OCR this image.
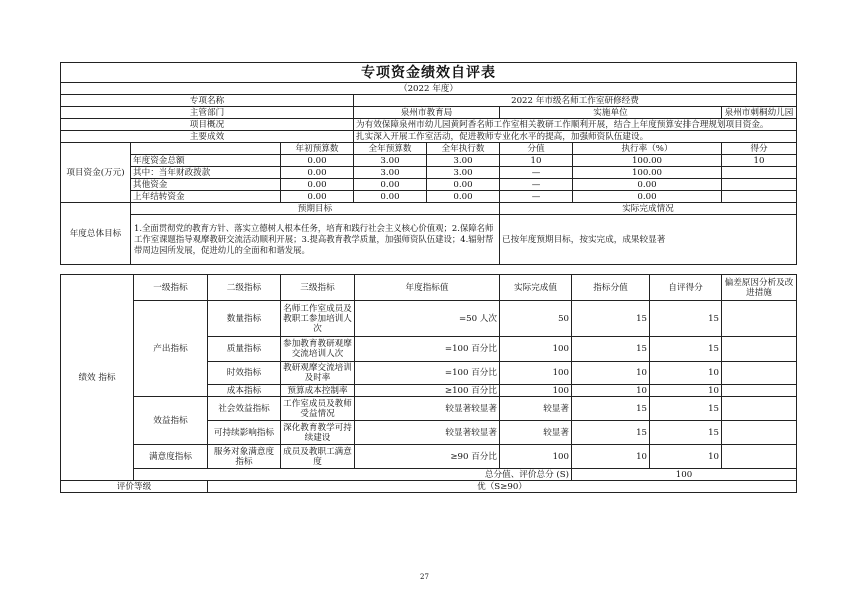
专项资金绩效自评表							
（2022 年度）							
专项名称			2022 年市级名师工作室研修经费				
主管部门			泉州市教育局		实施单位		泉州市刺桐幼儿园
项目概况			为有效保障泉州市幼儿园黄阿香名师工作室相关教研工作顺利开展，结合上年度预算安排合理规划项目资金。				
主要成效			扎实深入开展工作室活动，促进教师专业化水平的提高，加强师资队伍建设。				
项目资金(万元)		年初预算数	全年预算数	全年执行数	分值	执行率（%）	得分
	年度资金总额	0.00	3.00	3.00	10	100.00	10
	其中：当年财政拨款	0.00	3.00	3.00	—	100.00	
	其他资金	0.00	0.00	0.00	—	0.00	
	上年结转资金	0.00	0.00	0.00	—	0.00	
年度总体目标	预期目标				实际完成情况		
	1.全面贯彻党的教育方针、落实立德树人根本任务，培育和践行社会主义核心价值观；2.保障名师工作室课题指导观摩教研交流活动顺利开展；3.提高教育教学质量，加强师资队伍建设；4.辐射帮带周边园所发展，促进幼儿的全面和和谐发展。				已按年度预期目标，按实完成，成果较显著		
绩效 指标	一级指标	二级指标	三级指标	年度指标值	实际完成值	指标分值	自评得分	偏差原因分析及改进措施
	产出指标	数量指标	名师工作室成员及教职工参加培训人次	=50 人次	50	15	15	
		质量指标	参加教育教研观摩交流培训人次	=100 百分比	100	15	15	
		时效指标	教研观摩交流培训及时率	=100 百分比	100	10	10	
		成本指标	预算成本控制率	≥100 百分比	100	10	10	
	效益指标	社会效益指标	工作室成员及教师受益情况	较显著较显著	较显著	15	15	
		可持续影响指标	深化教育教学可持续建设	较显著较显著	较显著	15	15	
	满意度指标	服务对象满意度指标	成员及教职工满意度	≥90 百分比	100	10	10	
	总分值、评价总分 (S)					100		
评价等级		优（S≥90）						
27
